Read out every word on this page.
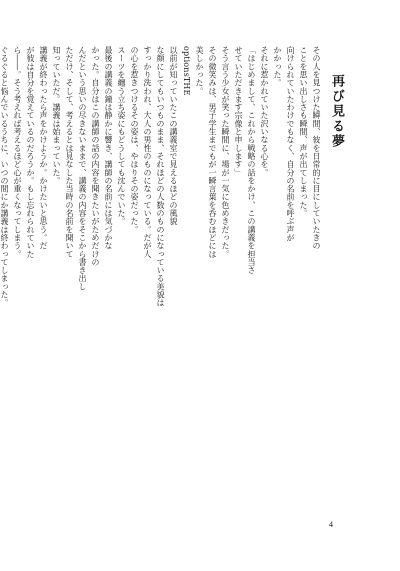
再び見る夢
その人を見つけた瞬間、彼を日常的に目にしていたきの
ことを思い出しさも瞬間、声が出てしまった。
向けられていたわけでもなく、自分の名前を呼ぶ声が
かかった。
それに惹かれていた沢いなる心を。
「はじめまして、これから戦略の話をかけ、この講義を担当さ
せていただきます宗像と申します」
そう言う少女が笑った瞬間に、場が一気に色めきだった。
その微笑みは、男子学生までもが一瞬言葉を呑むほどには
美しかった。
optionsTHE
以前が知っていたこの講義室で見えるほどの風貌
な顔にしてもいつものまま、それほどの人数のものになっている美貌は
すっかり洗われ、大人の男性のものになっている。だが人
の心を惹きつけるその姿は、やはりその姿だった。
スーツを纏う立ち姿にもどうしても沈んでいた。
最後の講義の鐘は静かに響き、講師の名前には気づかな
かった。自分はこの講師の話の内容を聞きたいがためだけの
んだという思いの尽きないままで、講義の内容をそこから書き出し
ただけ、そして、考えるとは見なした当時の名前を聞いて
知っていただ。講義は始まっていた。
講義が終わったら声をかけようか。かけたいと思う。だ
が彼は自分を覚えているのだろうか。もし忘れられていた
ら――。そう考えれば考えるほど心が重くなってしまう。
ぐるぐると悩んでいるうちに、いつの間にか講義は終わってしまった。
4
